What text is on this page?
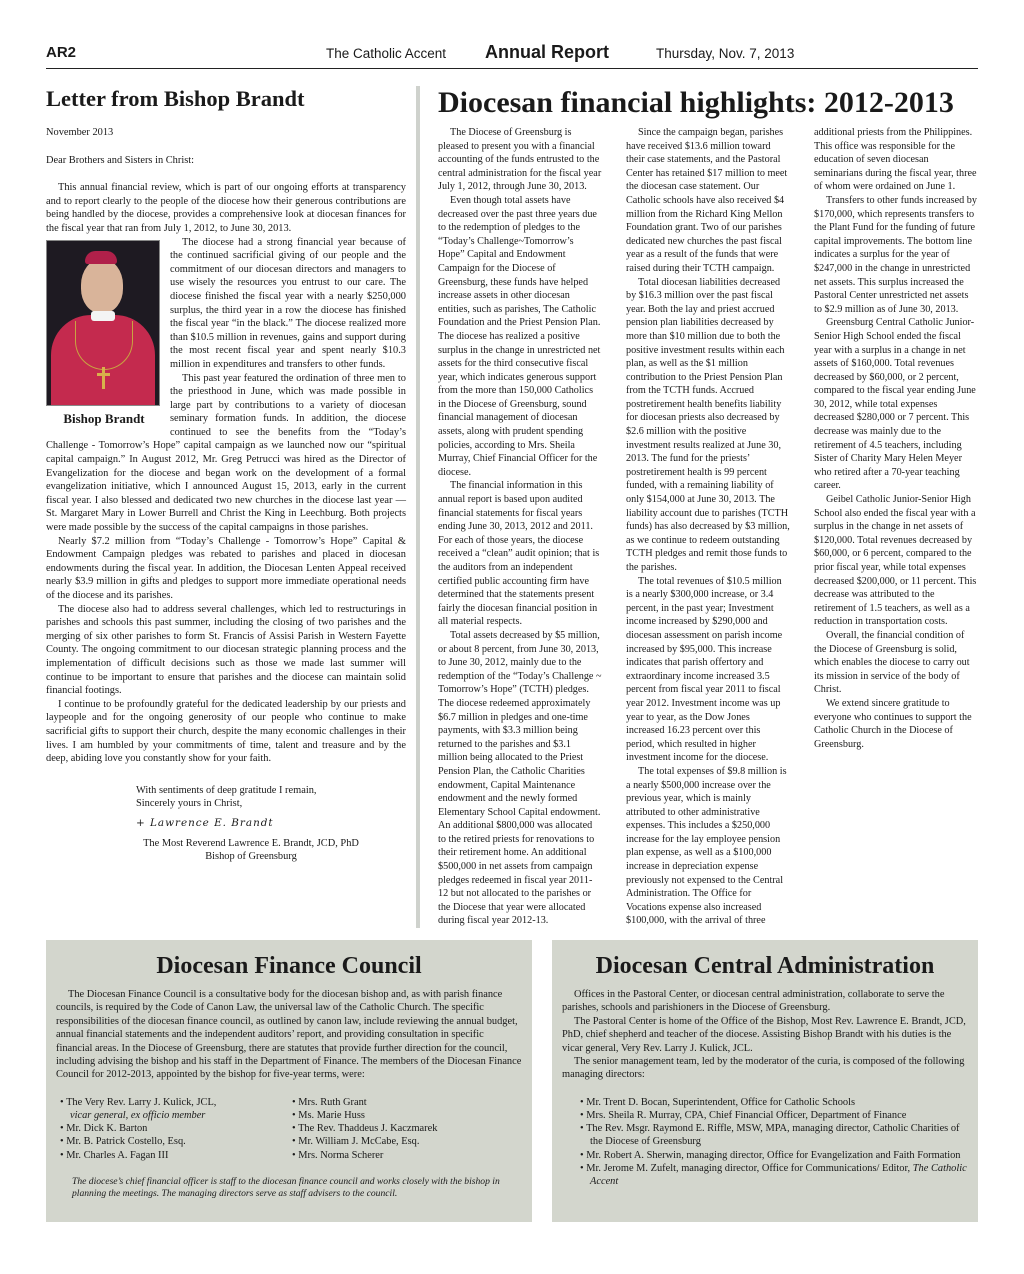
AR2	The Catholic Accent Annual Report	Thursday, Nov. 7, 2013
Letter from Bishop Brandt

November 2013

Dear Brothers and Sisters in Christ:

This annual financial review, which is part of our ongoing efforts at transparency and to report clearly to the people of the diocese how their generous contributions are being handled by the diocese, provides a comprehensive look at diocesan finances for the fiscal year that ran from July 1, 2012, to June 30, 2013.

Bishop Brandt

The diocese had a strong financial year because of the continued sacrificial giving of our people and the commitment of our diocesan directors and managers to use wisely the resources you entrust to our care. The diocese finished the fiscal year with a nearly $250,000 surplus, the third year in a row the diocese has finished the fiscal year “in the black.” The diocese realized more than $10.5 million in revenues, gains and support during the most recent fiscal year and spent nearly $10.3 million in expenditures and transfers to other funds.

This past year featured the ordination of three men to the priesthood in June, which was made possible in large part by contributions to a variety of diocesan seminary formation funds. In addition, the diocese continued to see the benefits from the “Today’s Challenge - Tomorrow’s Hope” capital campaign as we launched now our “spiritual capital campaign.” In August 2012, Mr. Greg Petrucci was hired as the Director of Evangelization for the diocese and began work on the development of a formal evangelization initiative, which I announced August 15, 2013, early in the current fiscal year. I also blessed and dedicated two new churches in the diocese last year — St. Margaret Mary in Lower Burrell and Christ the King in Leechburg. Both projects were made possible by the success of the capital campaigns in those parishes.

Nearly $7.2 million from “Today’s Challenge - Tomorrow’s Hope” Capital & Endowment Campaign pledges was rebated to parishes and placed in diocesan endowments during the fiscal year. In addition, the Diocesan Lenten Appeal received nearly $3.9 million in gifts and pledges to support more immediate operational needs of the diocese and its parishes.

The diocese also had to address several challenges, which led to restructurings in parishes and schools this past summer, including the closing of two parishes and the merging of six other parishes to form St. Francis of Assisi Parish in Western Fayette County. The ongoing commitment to our diocesan strategic planning process and the implementation of difficult decisions such as those we made last summer will continue to be important to ensure that parishes and the diocese can maintain solid financial footings.

I continue to be profoundly grateful for the dedicated leadership by our priests and laypeople and for the ongoing generosity of our people who continue to make sacrificial gifts to support their church, despite the many economic challenges in their lives. I am humbled by your commitments of time, talent and treasure and by the deep, abiding love you constantly show for your faith.

With sentiments of deep gratitude I remain,
Sincerely yours in Christ,
+ Lawrence E. Brandt
The Most Reverend Lawrence E. Brandt, JCD, PhD
Bishop of Greensburg
Diocesan financial highlights: 2012-2013

The Diocese of Greensburg is pleased to present you with a financial accounting of the funds entrusted to the central administration for the fiscal year July 1, 2012, through June 30, 2013.

Even though total assets have decreased over the past three years due to the redemption of pledges to the “Today’s Challenge~Tomorrow’s Hope” Capital and Endowment Campaign for the Diocese of Greensburg, these funds have helped increase assets in other diocesan entities, such as parishes, The Catholic Foundation and the Priest Pension Plan. The diocese has realized a positive surplus in the change in unrestricted net assets for the third consecutive fiscal year, which indicates generous support from the more than 150,000 Catholics in the Diocese of Greensburg, sound financial management of diocesan assets, along with prudent spending policies, according to Mrs. Sheila Murray, Chief Financial Officer for the diocese.

The financial information in this annual report is based upon audited financial statements for fiscal years ending June 30, 2013, 2012 and 2011. For each of those years, the diocese received a “clean” audit opinion; that is the auditors from an independent certified public accounting firm have determined that the statements present fairly the diocesan financial position in all material respects.

Total assets decreased by $5 million, or about 8 percent, from June 30, 2013, to June 30, 2012, mainly due to the redemption of the “Today’s Challenge ~ Tomorrow’s Hope” (TCTH) pledges. The diocese redeemed approximately $6.7 million in pledges and one-time payments, with $3.3 million being returned to the parishes and $3.1 million being allocated to the Priest Pension Plan, the Catholic Charities endowment, Capital Maintenance endowment and the newly formed Elementary School Capital endowment. An additional $800,000 was allocated to the retired priests for renovations to their retirement home. An additional $500,000 in net assets from campaign pledges redeemed in fiscal year 2011-12 but not allocated to the parishes or the Diocese that year were allocated during fiscal year 2012-13.

Since the campaign began, parishes have received $13.6 million toward their case statements, and the Pastoral Center has retained $17 million to meet the diocesan case statement. Our Catholic schools have also received $4 million from the Richard King Mellon Foundation grant. Two of our parishes dedicated new churches the past fiscal year as a result of the funds that were raised during their TCTH campaign.

Total diocesan liabilities decreased by $16.3 million over the past fiscal year. Both the lay and priest accrued pension plan liabilities decreased by more than $10 million due to both the positive investment results within each plan, as well as the $1 million contribution to the Priest Pension Plan from the TCTH funds. Accrued postretirement health benefits liability for diocesan priests also decreased by $2.6 million with the positive investment results realized at June 30, 2013. The fund for the priests’ postretirement health is 99 percent funded, with a remaining liability of only $154,000 at June 30, 2013. The liability account due to parishes (TCTH funds) has also decreased by $3 million, as we continue to redeem outstanding TCTH pledges and remit those funds to the parishes.

The total revenues of $10.5 million is a nearly $300,000 increase, or 3.4 percent, in the past year; Investment income increased by $290,000 and diocesan assessment on parish income increased by $95,000. This increase indicates that parish offertory and extraordinary income increased 3.5 percent from fiscal year 2011 to fiscal year 2012. Investment income was up year to year, as the Dow Jones increased 16.23 percent over this period, which resulted in higher investment income for the diocese.

The total expenses of $9.8 million is a nearly $500,000 increase over the previous year, which is mainly attributed to other administrative expenses. This includes a $250,000 increase for the lay employee pension plan expense, as well as a $100,000 increase in depreciation expense previously not expensed to the Central Administration. The Office for Vocations expense also increased $100,000, with the arrival of three additional priests from the Philippines. This office was responsible for the education of seven diocesan seminarians during the fiscal year, three of whom were ordained on June 1.

Transfers to other funds increased by $170,000, which represents transfers to the Plant Fund for the funding of future capital improvements. The bottom line indicates a surplus for the year of $247,000 in the change in unrestricted net assets. This surplus increased the Pastoral Center unrestricted net assets to $2.9 million as of June 30, 2013.

Greensburg Central Catholic Junior-Senior High School ended the fiscal year with a surplus in a change in net assets of $160,000. Total revenues decreased by $60,000, or 2 percent, compared to the fiscal year ending June 30, 2012, while total expenses decreased $280,000 or 7 percent. This decrease was mainly due to the retirement of 4.5 teachers, including Sister of Charity Mary Helen Meyer who retired after a 70-year teaching career.

Geibel Catholic Junior-Senior High School also ended the fiscal year with a surplus in the change in net assets of $120,000. Total revenues decreased by $60,000, or 6 percent, compared to the prior fiscal year, while total expenses decreased $200,000, or 11 percent. This decrease was attributed to the retirement of 1.5 teachers, as well as a reduction in transportation costs.

Overall, the financial condition of the Diocese of Greensburg is solid, which enables the diocese to carry out its mission in service of the body of Christ.

We extend sincere gratitude to everyone who continues to support the Catholic Church in the Diocese of Greensburg.

Diocesan Finance Council

The Diocesan Finance Council is a consultative body for the diocesan bishop and, as with parish finance councils, is required by the Code of Canon Law, the universal law of the Catholic Church. The specific responsibilities of the diocesan finance council, as outlined by canon law, include reviewing the annual budget, annual financial statements and the independent auditors’ report, and providing consultation in specific financial areas. In the Diocese of Greensburg, there are statutes that provide further direction for the council, including advising the bishop and his staff in the Department of Finance. The members of the Diocesan Finance Council for 2012-2013, appointed by the bishop for five-year terms, were:

• The Very Rev. Larry J. Kulick, JCL,
vicar general, ex officio member
• Mr. Dick K. Barton
• Mr. B. Patrick Costello, Esq.
• Mr. Charles A. Fagan III
• Mrs. Ruth Grant
• Ms. Marie Huss
• The Rev. Thaddeus J. Kaczmarek
• Mr. William J. McCabe, Esq.
• Mrs. Norma Scherer
The diocese’s chief financial officer is staff to the diocesan finance council and works closely with the bishop in planning the meetings. The managing directors serve as staff advisers to the council.
Diocesan Central Administration

Offices in the Pastoral Center, or diocesan central administration, collaborate to serve the parishes, schools and parishioners in the Diocese of Greensburg.

The Pastoral Center is home of the Office of the Bishop, Most Rev. Lawrence E. Brandt, JCD, PhD, chief shepherd and teacher of the diocese. Assisting Bishop Brandt with his duties is the vicar general, Very Rev. Larry J. Kulick, JCL.

The senior management team, led by the moderator of the curia, is composed of the following managing directors:

• Mr. Trent D. Bocan, Superintendent, Office for Catholic Schools
• Mrs. Sheila R. Murray, CPA, Chief Financial Officer, Department of Finance
• The Rev. Msgr. Raymond E. Riffle, MSW, MPA, managing director, Catholic Charities of the Diocese of Greensburg
• Mr. Robert A. Sherwin, managing director, Office for Evangelization and Faith Formation
• Mr. Jerome M. Zufelt, managing director, Office for Communications/ Editor, The Catholic Accent
